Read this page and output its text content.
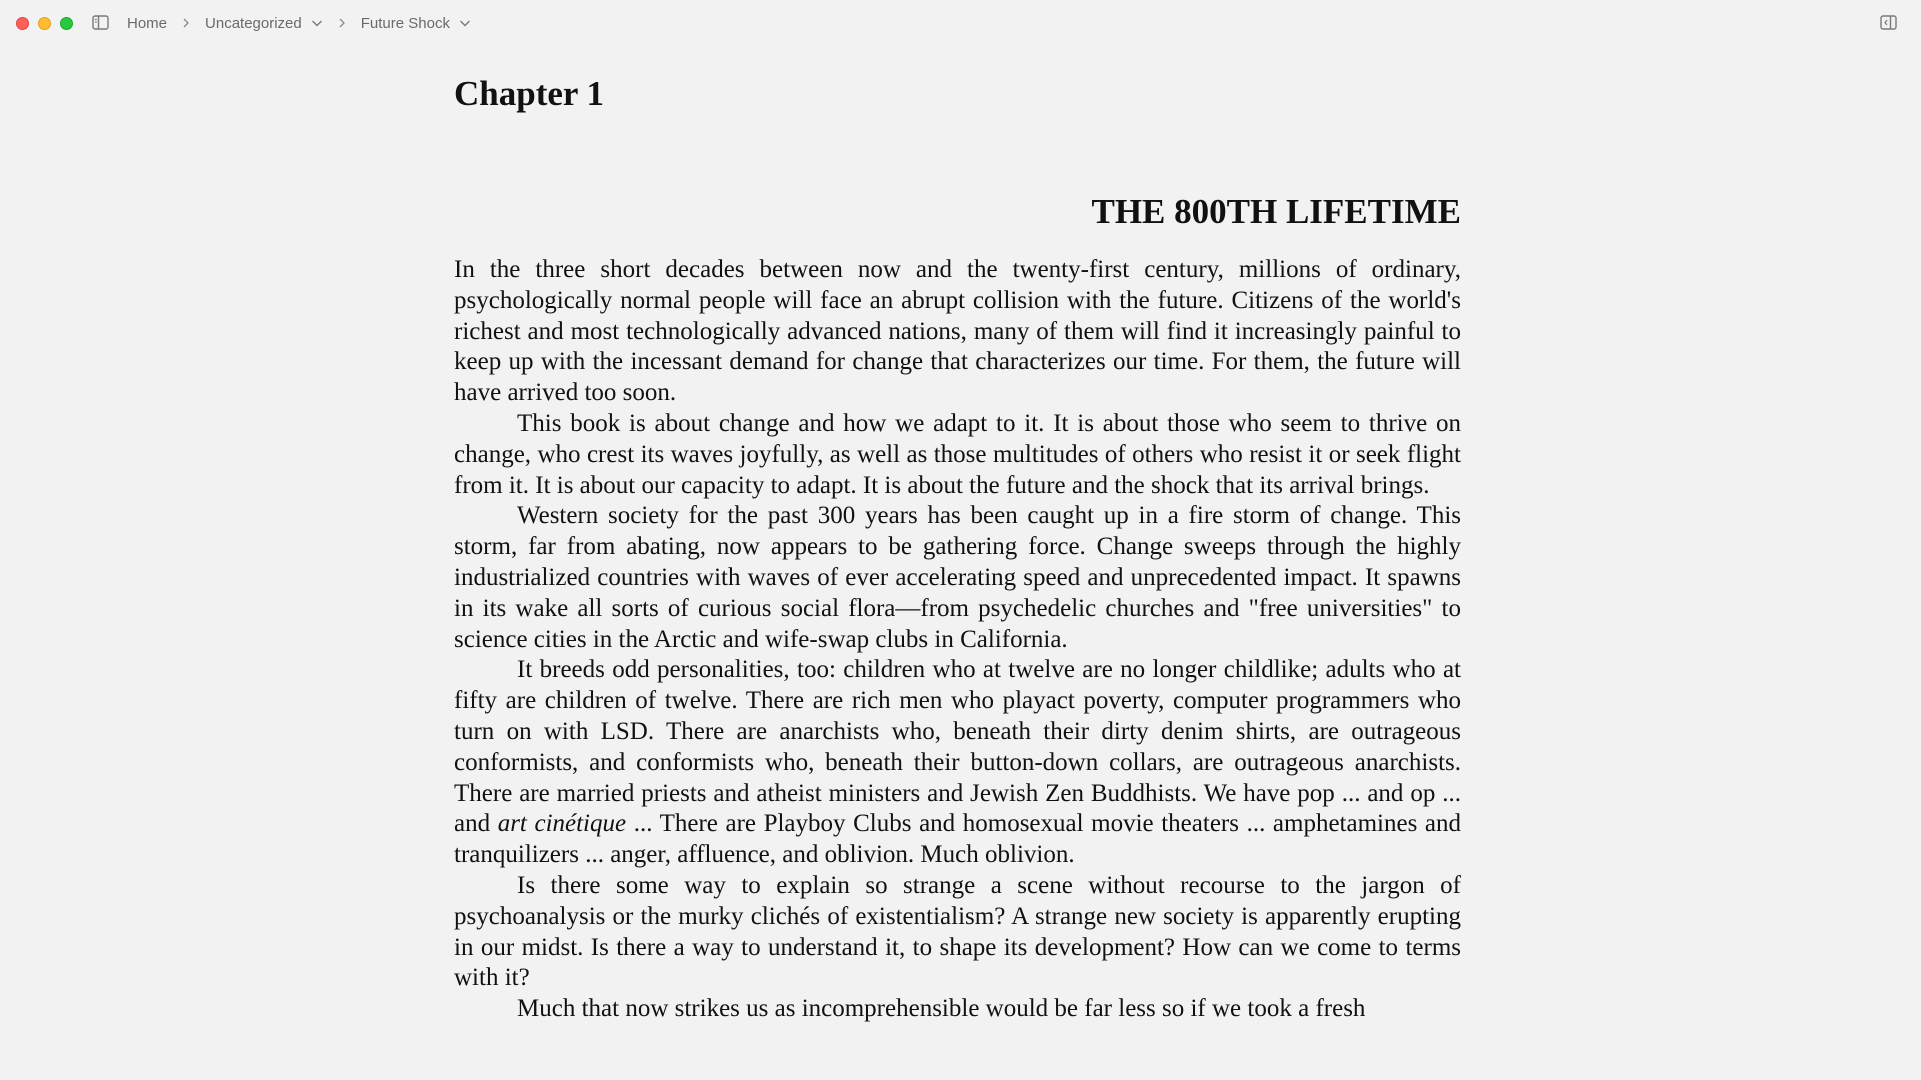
Home	Uncategorized	Future Shock
Chapter 1
THE 800TH LIFETIME

In the three short decades between now and the twenty-first century, millions of ordinary, psychologically normal people will face an abrupt collision with the future. Citizens of the world's richest and most technologically advanced nations, many of them will find it increasingly painful to keep up with the incessant demand for change that characterizes our time. For them, the future will have arrived too soon.

This book is about change and how we adapt to it. It is about those who seem to thrive on change, who crest its waves joyfully, as well as those multitudes of others who resist it or seek flight from it. It is about our capacity to adapt. It is about the future and the shock that its arrival brings.

Western society for the past 300 years has been caught up in a fire storm of change. This storm, far from abating, now appears to be gathering force. Change sweeps through the highly industrialized countries with waves of ever accelerating speed and unprecedented impact. It spawns in its wake all sorts of curious social flora—from psychedelic churches and "free universities" to science cities in the Arctic and wife-swap clubs in California.

It breeds odd personalities, too: children who at twelve are no longer childlike; adults who at fifty are children of twelve. There are rich men who playact poverty, computer programmers who turn on with LSD. There are anarchists who, beneath their dirty denim shirts, are outrageous conformists, and conformists who, beneath their button-down collars, are outrageous anarchists. There are married priests and atheist ministers and Jewish Zen Buddhists. We have pop ... and op ... and art cinétique ... There are Playboy Clubs and homosexual movie theaters ... amphetamines and tranquilizers ... anger, affluence, and oblivion. Much oblivion.

Is there some way to explain so strange a scene without recourse to the jargon of psychoanalysis or the murky clichés of existentialism? A strange new society is apparently erupting in our midst. Is there a way to understand it, to shape its development? How can we come to terms with it?

Much that now strikes us as incomprehensible would be far less so if we took a fresh
